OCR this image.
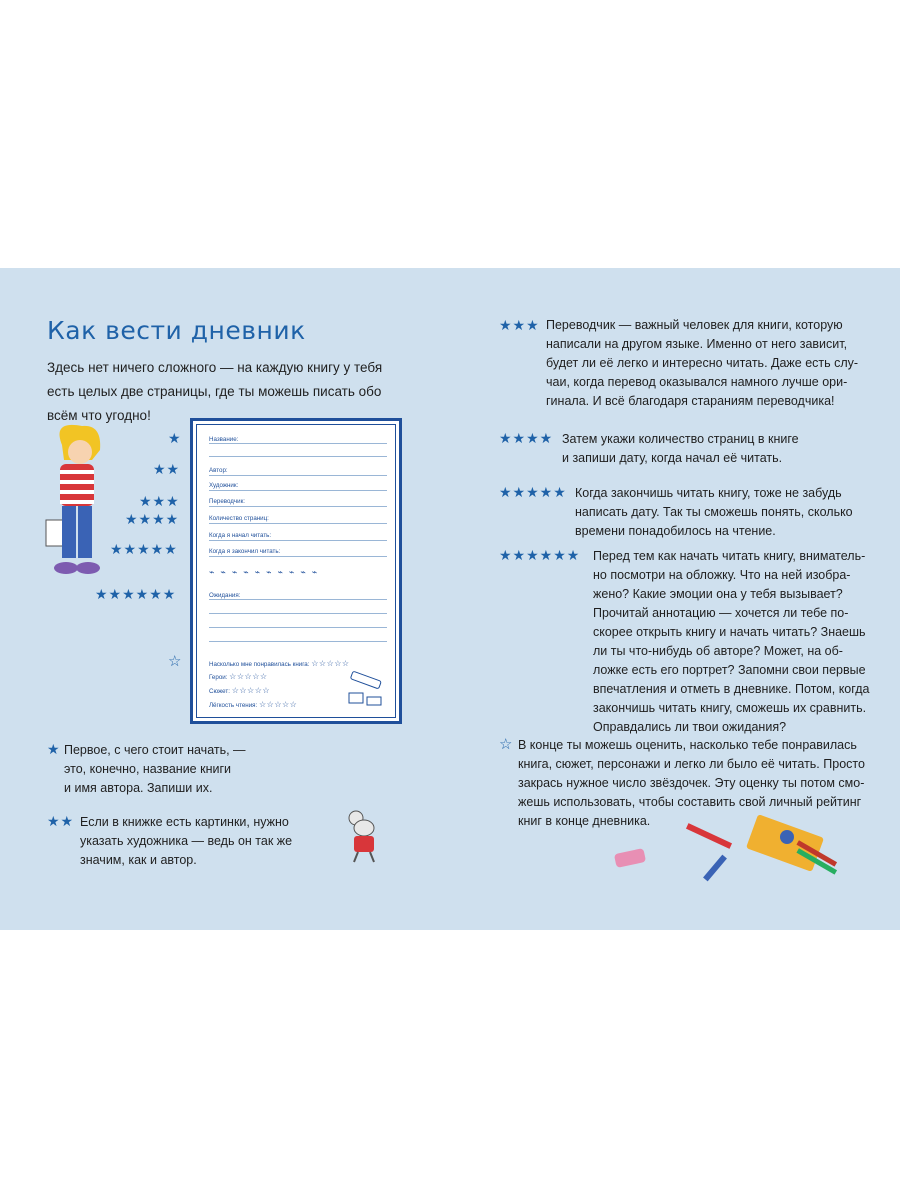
Как вести дневник
Здесь нет ничего сложного — на каждую книгу у тебя есть целых две страницы, где ты можешь писать обо всём что угодно!
★
★★
★★★
★★★★
★★★★★
★★★★★★
☆
Название:
Автор:
Художник:
Переводчик:
Количество страниц:
Когда я начал читать:
Когда я закончил читать:
⌁⌁⌁⌁⌁⌁⌁⌁⌁⌁
Ожидания:
Насколько мне понравилась книга: ☆☆☆☆☆
Герои: ☆☆☆☆☆
Сюжет: ☆☆☆☆☆
Лёгкость чтения: ☆☆☆☆☆
★ Первое, с чего стоит начать, —
это, конечно, название книги
и имя автора. Запиши их.
★★ Если в книжке есть картинки, нужно
указать художника — ведь он так же
значим, как и автор.
★★★ Переводчик — важный человек для книги, которую
написали на другом языке. Именно от него зависит,
будет ли её легко и интересно читать. Даже есть слу-
чаи, когда перевод оказывался намного лучше ори-
гинала. И всё благодаря стараниям переводчика!
★★★★ Затем укажи количество страниц в книге
и запиши дату, когда начал её читать.
★★★★★ Когда закончишь читать книгу, тоже не забудь
написать дату. Так ты сможешь понять, сколько
времени понадобилось на чтение.
★★★★★★ Перед тем как начать читать книгу, вниматель-
но посмотри на обложку. Что на ней изобра-
жено? Какие эмоции она у тебя вызывает?
Прочитай аннотацию — хочется ли тебе по-
скорее открыть книгу и начать читать? Знаешь
ли ты что-нибудь об авторе? Может, на об-
ложке есть его портрет? Запомни свои первые
впечатления и отметь в дневнике. Потом, когда
закончишь читать книгу, сможешь их сравнить.
Оправдались ли твои ожидания?
☆ В конце ты можешь оценить, насколько тебе понравилась
книга, сюжет, персонажи и легко ли было её читать. Просто
закрась нужное число звёздочек. Эту оценку ты потом смо-
жешь использовать, чтобы составить свой личный рейтинг
книг в конце дневника.
